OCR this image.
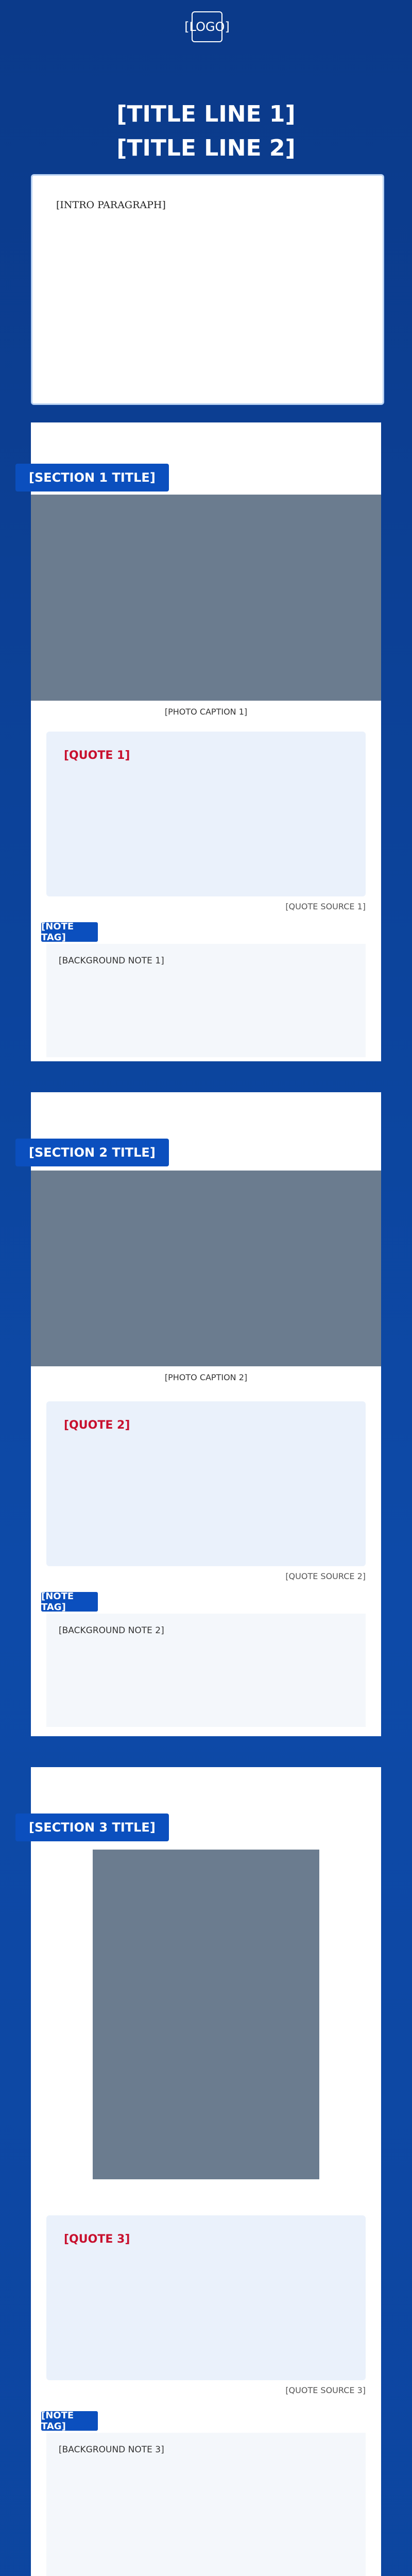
[LOGO]
[TITLE LINE 1]
[TITLE LINE 2]
[INTRO PARAGRAPH]
[SECTION 1 TITLE]
[PHOTO CAPTION 1]
[QUOTE 1]
[QUOTE SOURCE 1]
[NOTE TAG]
[BACKGROUND NOTE 1]
[SECTION 2 TITLE]
[PHOTO CAPTION 2]
[QUOTE 2]
[QUOTE SOURCE 2]
[NOTE TAG]
[BACKGROUND NOTE 2]
[SECTION 3 TITLE]
[QUOTE 3]
[QUOTE SOURCE 3]
[NOTE TAG]
[BACKGROUND NOTE 3]
